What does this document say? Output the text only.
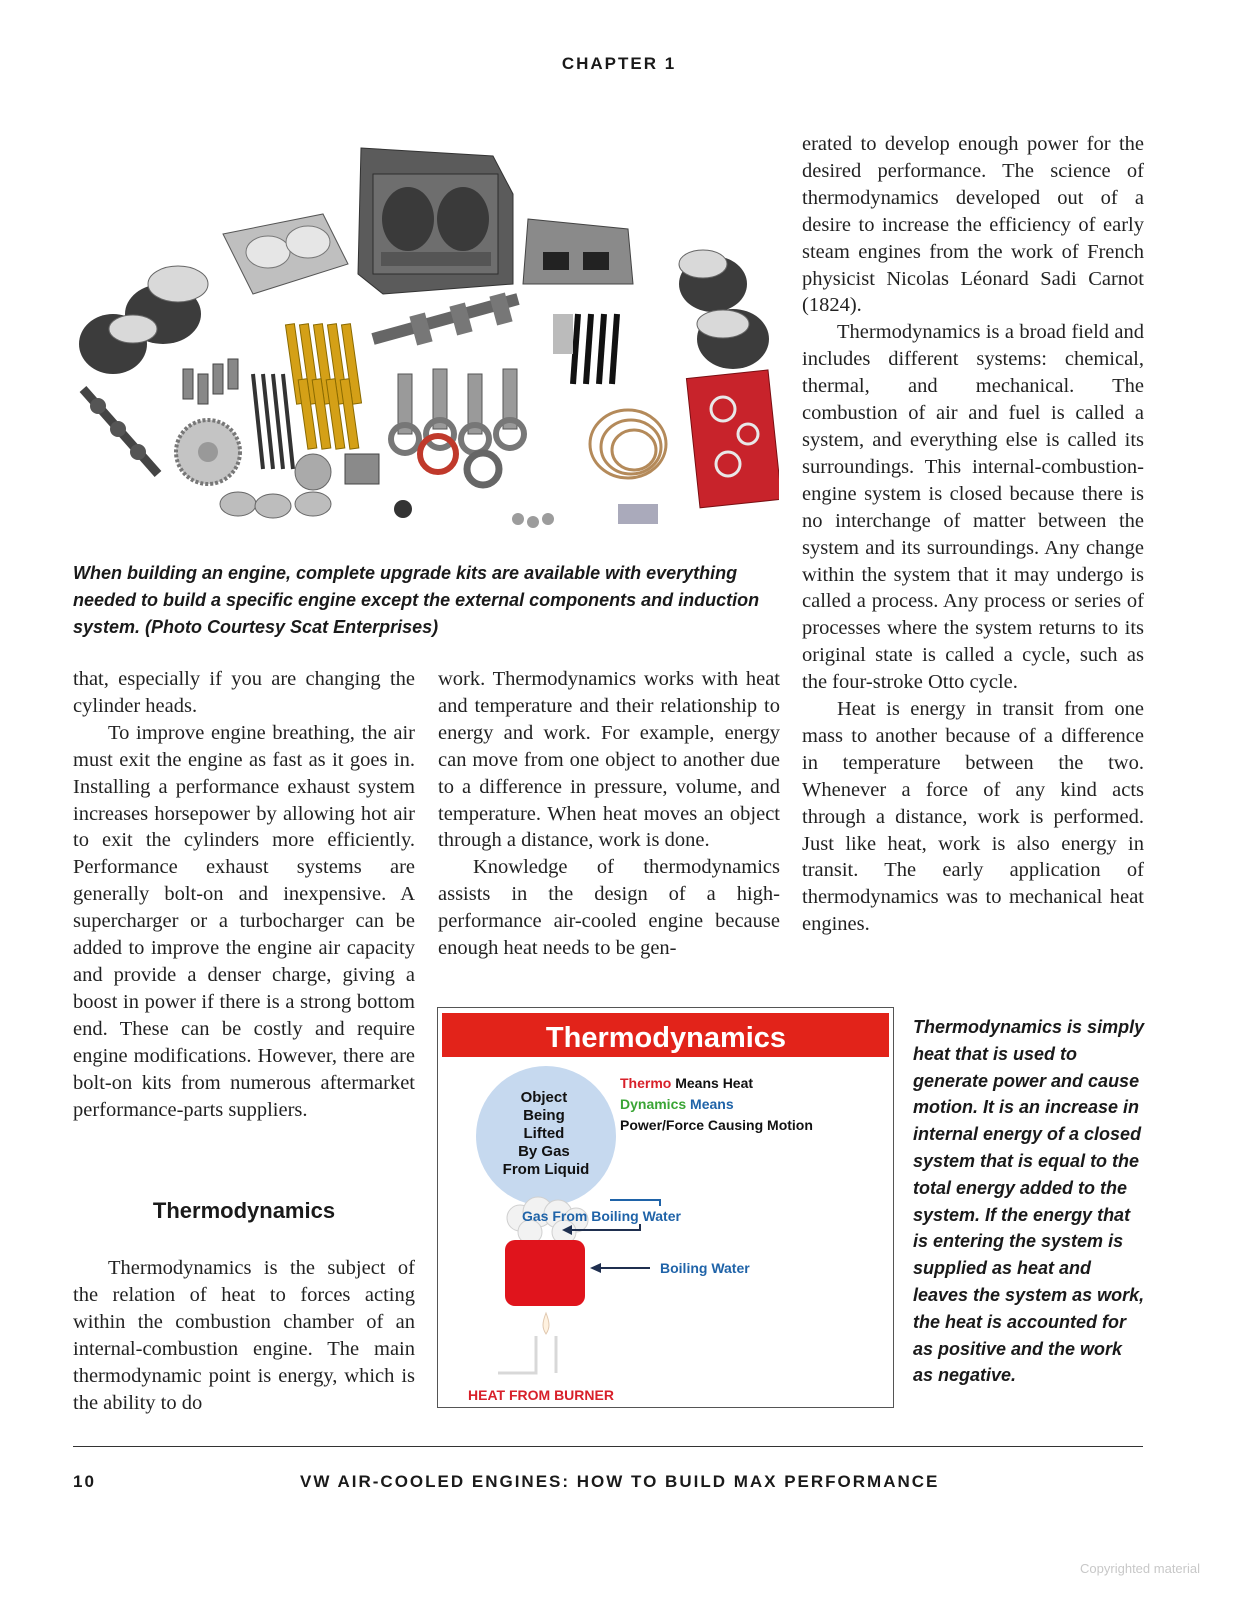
CHAPTER 1
When building an engine, complete upgrade kits are available with everything needed to build a specific engine except the external components and induction system. (Photo Courtesy Scat Enterprises)

that, especially if you are changing the cylinder heads.

To improve engine breathing, the air must exit the engine as fast as it goes in. Installing a performance exhaust system increases horsepower by allowing hot air to exit the cylinders more efficiently. Performance exhaust systems are generally bolt-on and inexpensive. A supercharger or a turbocharger can be added to improve the engine air capacity and provide a denser charge, giving a boost in power if there is a strong bottom end. These can be costly and require engine modifications. However, there are bolt-on kits from numerous aftermarket performance-parts suppliers.

Thermodynamics

Thermodynamics is the subject of the relation of heat to forces acting within the combustion chamber of an internal-combustion engine. The main thermodynamic point is energy, which is the ability to do

work. Thermodynamics works with heat and temperature and their relationship to energy and work. For example, energy can move from one object to another due to a difference in pressure, volume, and temperature. When heat moves an object through a distance, work is done.

Knowledge of thermodynamics assists in the design of a high-performance air-cooled engine because enough heat needs to be gen-

erated to develop enough power for the desired performance. The science of thermodynamics developed out of a desire to increase the efficiency of early steam engines from the work of French physicist Nicolas Léonard Sadi Carnot (1824).

Thermodynamics is a broad field and includes different systems: chemical, thermal, and mechanical. The combustion of air and fuel is called a system, and everything else is called its surroundings. This internal-combustion-engine system is closed because there is no interchange of matter between the system and its surroundings. Any change within the system that it may undergo is called a process. Any process or series of processes where the system returns to its original state is called a cycle, such as the four-stroke Otto cycle.

Heat is energy in transit from one mass to another because of a difference in temperature between the two. Whenever a force of any kind acts through a distance, work is performed. Just like heat, work is also energy in transit. The early application of thermodynamics was to mechanical heat engines.

Thermodynamics
Object Being Lifted By Gas From Liquid
Thermo Means Heat
Dynamics Means
Power/Force Causing Motion
Gas From Boiling Water
Boiling Water
HEAT FROM BURNER
Thermodynamics is simply heat that is used to generate power and cause motion. It is an increase in internal energy of a closed system that is equal to the total energy added to the system. If the energy that is entering the system is supplied as heat and leaves the system as work, the heat is accounted for as positive and the work as negative.
10	VW AIR-COOLED ENGINES: HOW TO BUILD MAX PERFORMANCE
Copyrighted material
